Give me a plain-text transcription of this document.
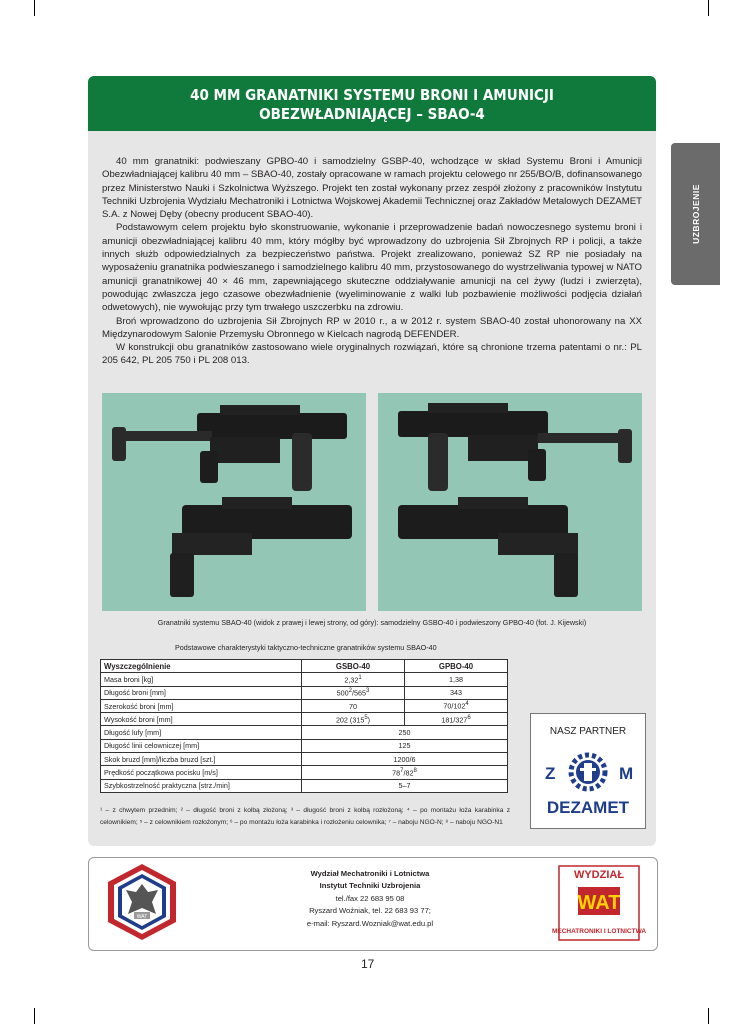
40 MM GRANATNIKI SYSTEMU BRONI I AMUNICJI
OBEZWŁADNIAJĄCEJ – SBAO-4
UZBROJENIE

40 mm granatniki: podwieszany GPBO-40 i samodzielny GSBP-40, wchodzące w skład Systemu Broni i Amunicji Obezwładniającej kalibru 40 mm – SBAO-40, zostały opracowane w ramach projektu celowego nr 255/BO/B, dofinansowanego przez Ministerstwo Nauki i Szkolnictwa Wyższego. Projekt ten został wykonany przez zespół złożony z pracowników Instytutu Techniki Uzbrojenia Wydziału Mechatroniki i Lotnictwa Wojskowej Akademii Technicznej oraz Zakładów Metalowych DEZAMET S.A. z Nowej Dęby (obecny producent SBAO-40).

Podstawowym celem projektu było skonstruowanie, wykonanie i przeprowadzenie badań nowoczesnego systemu broni i amunicji obezwładniającej kalibru 40 mm, który mógłby być wprowadzony do uzbrojenia Sił Zbrojnych RP i policji, a także innych służb odpowiedzialnych za bezpieczeństwo państwa. Projekt zrealizowano, ponieważ SZ RP nie posiadały na wyposażeniu granatnika podwieszanego i samodzielnego kalibru 40 mm, przystosowanego do wystrzeliwania typowej w NATO amunicji granatnikowej 40 × 46 mm, zapewniającego skuteczne oddziaływanie amunicji na cel żywy (ludzi i zwierzęta), powodując zwłaszcza jego czasowe obezwładnienie (wyeliminowanie z walki lub pozbawienie możliwości podjęcia działań odwetowych), nie wywołując przy tym trwałego uszczerbku na zdrowiu.

Broń wprowadzono do uzbrojenia Sił Zbrojnych RP w 2010 r., a w 2012 r. system SBAO-40 został uhonorowany na XX Międzynarodowym Salonie Przemysłu Obronnego w Kielcach nagrodą DEFENDER.

W konstrukcji obu granatników zastosowano wiele oryginalnych rozwiązań, które są chronione trzema patentami o nr.: PL 205 642, PL 205 750 i PL 208 013.

Granatniki systemu SBAO-40 (widok z prawej i lewej strony, od góry): samodzielny GSBO-40 i podwieszony GPBO-40 (fot. J. Kijewski)
Podstawowe charakterystyki taktyczno-techniczne granatników systemu SBAO-40
Wyszczególnienie	GSBO-40	GPBO-40
Masa broni [kg]	2,32$^1$	1,38
Długość broni [mm]	$500^2/565^3$	343
Szerokość broni [mm]	70	$70/102^4$
Wysokość broni [mm]	202 $(315^5)$	$181/327^6$
Długość lufy [mm]	250	
Długość linii celowniczej [mm]	125	
Skok bruzd [mm]/liczba bruzd [szt.]	1200/6	
Prędkość początkowa pocisku [m/s]	$78^7/82^8$
Szybkostrzelność praktyczna [strz./min]	5–7	
¹ – z chwytem przednim; ² – długość broni z kolbą złożoną; ³ – długość broni z kolbą rozłożoną; ⁴ – po montażu łoża karabinka z celownikiem; ⁵ – z celownikiem rozłożonym; ⁶ – po montażu łoża karabinka i rozłożeniu celownika; ⁷ – naboju NGO-N; ⁸ – naboju NGO-N1
NASZ PARTNER
Z	M
DEZAMET
WAT
Wydział Mechatroniki i Lotnictwa
Instytut Techniki Uzbrojenia
tel./fax 22 683 95 08
Ryszard Woźniak, tel. 22 683 93 77;
e-mail: Ryszard.Wozniak@wat.edu.pl
WYDZIAŁ
WAT
MECHATRONIKI I LOTNICTWA
17
